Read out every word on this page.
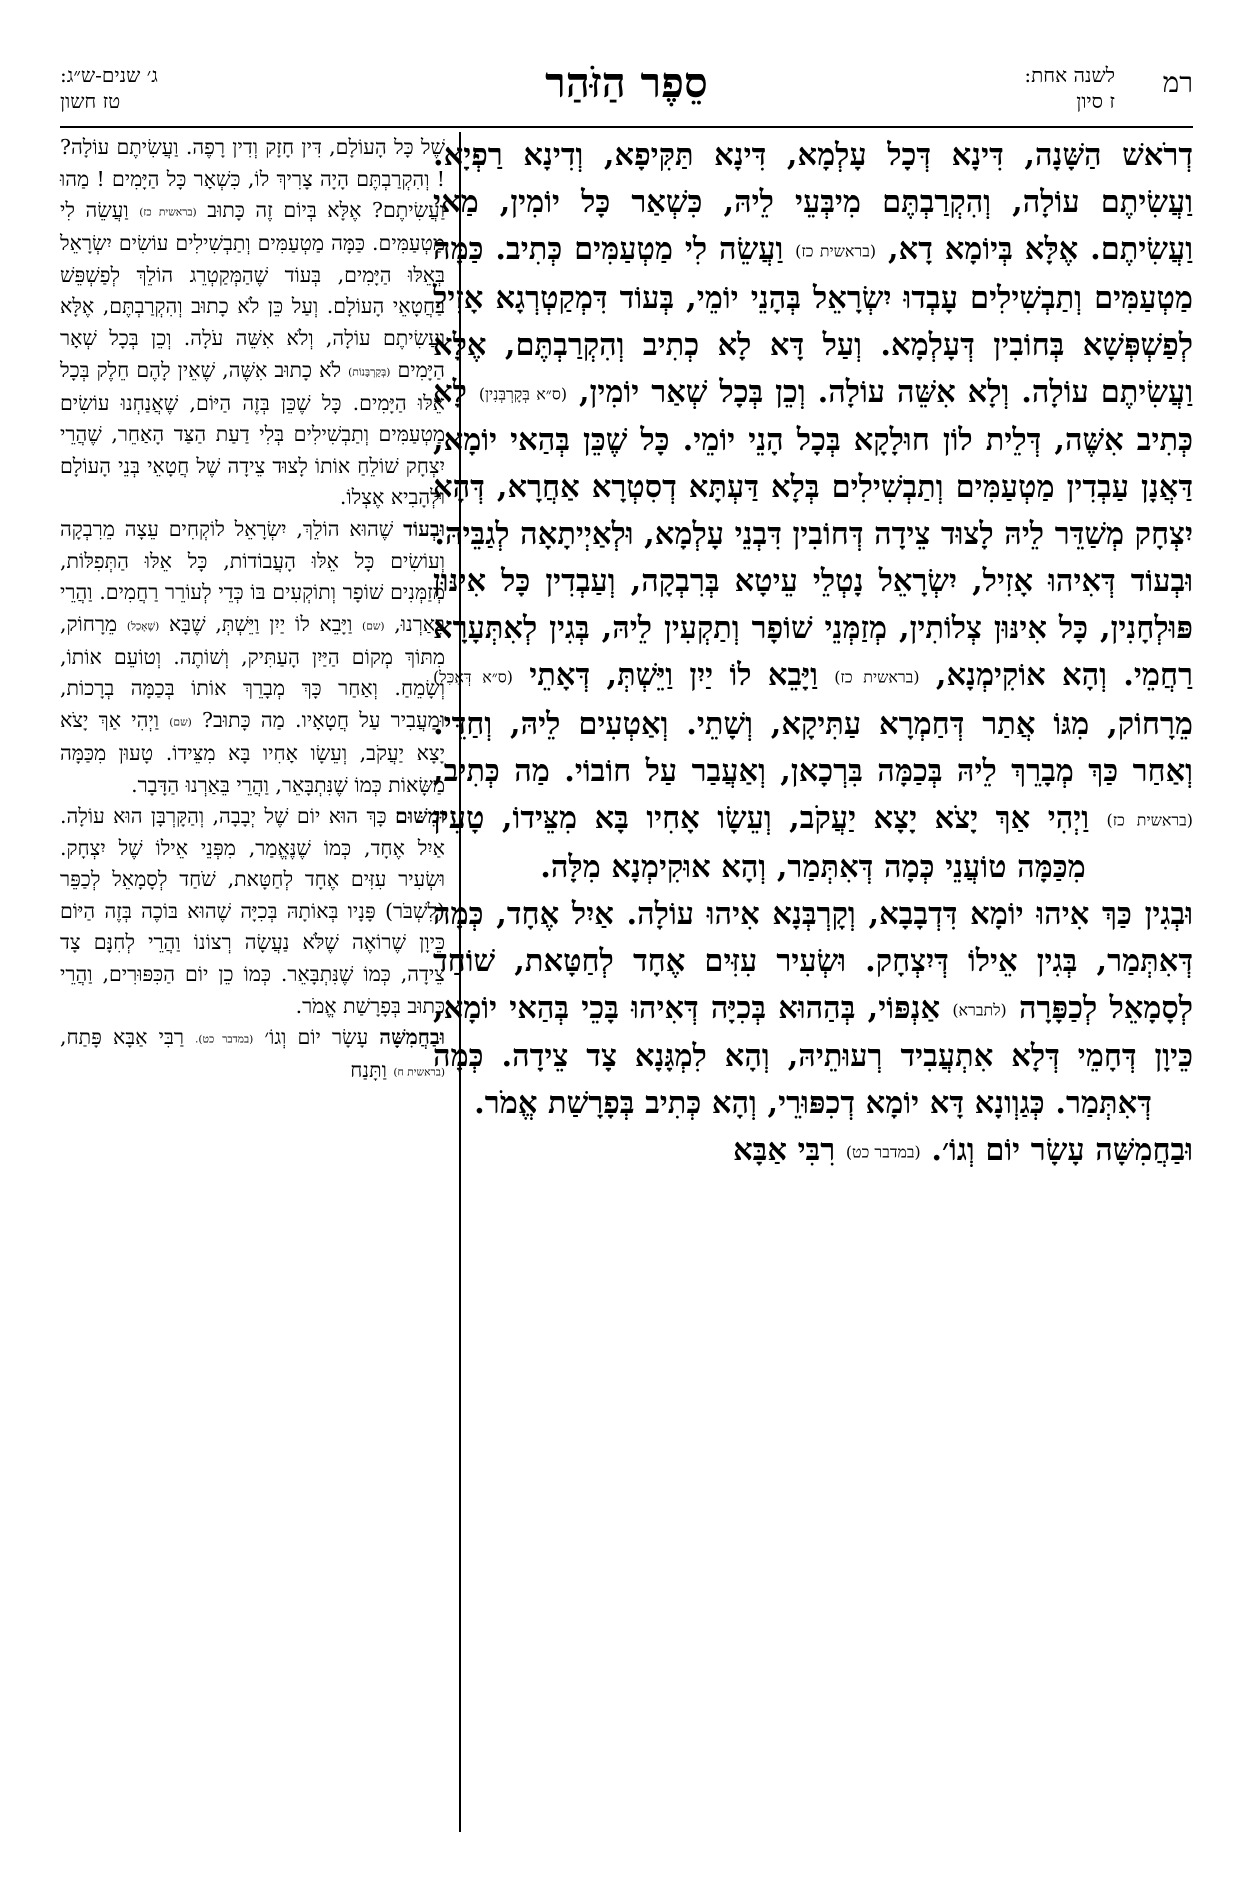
רמ
לשנה אחת:
ז סיון
סֵפֶר הַזֹּהַר
ג׳ שנים-ש״ג:
טז חשון

דְרֹאשׁ הַשָּׁנָה, דִּינָא דְּכָל עָלְמָא, דִּינָא תַּקִּיפָא, וְדִינָא רַפְיָא. וַעֲשִׂיתֶם עוֹלָה, וְהִקְרַבְתֶּם מִיבְּעֵי לֵיהּ, כִּשְׁאַר כָּל יוֹמִין, מַאי וַעֲשִׂיתֶם. אֶלָּא בְּיוֹמָא דָא, (בראשית כז) וַעֲשֵׂה לִי מַטְעַמִּים כְּתִיב. כַּמָּה מַטְעַמִּים וְתַבְשִׁילִים עָבְדוּ יִשְׂרָאֵל בְּהָנֵי יוֹמֵי, בְּעוֹד דִּמְקַטְרְגָא אָזִיל לְפַשְׁפְּשָׁא בְּחוֹבִין דְּעָלְמָא. וְעַל דָּא לָא כְתִיב וְהִקְרַבְתֶּם, אֶלָּא וַעֲשִׂיתֶם עוֹלָה. וְלָא אִשֵּׁה עוֹלָה. וְכֵן בְּכָל שְׁאַר יוֹמִין, (ס״א בְּקָרְבְּנִין) לָא כְּתִיב אִשֶּׁה, דְּלֵית לוֹן חוּלָקָא בְּכָל הָנֵי יוֹמֵי. כָּל שֶׁכֵּן בְּהַאי יוֹמָא, דַּאֲנָן עַבְדִין מַטְעַמִּים וְתַבְשִׁילִים בְּלָא דַּעְתָּא דְסִטְרָא אַחֲרָא, דְּהָא יִצְחָק מְשַׁדֵּר לֵיהּ לָצוּד צֵידָה דְּחוֹבִין דִּבְנֵי עָלְמָא, וּלְאַיְיתָאָה לְגַבֵּיהּ.

וּבְעוֹד דְּאִיהוּ אָזִיל, יִשְׂרָאֵל נָטְלֵי עֵיטָא בְּרִבְקָה, וְעַבְדִין כָּל אִינּוּן פּוּלְחָנִין, כָּל אִינּוּן צְלוֹתִין, מְזַמְּנֵי שׁוֹפָר וְתַקְעִין לֵיהּ, בְּגִין לְאִתְּעָרָא רַחֲמֵי. וְהָא אוֹקִימְנָא, (בראשית כז) וַיָּבֵא לוֹ יַיִן וַיֵּשְׁתְּ, דְּאָתֵי (ס״א דְּאַכִּל) מֵרָחוֹק, מִגּוֹ אֲתַר דְּחַמְרָא עַתִּיקָא, וְשָׁתֵי. וְאַטְעִים לֵיהּ, וְחַדֵּי. וְאַחַר כַּךְ מְבָרֵךְ לֵיהּ בְּכַמָּה בִּרְכָאן, וְאַעֲבַר עַל חוֹבוֹי. מַה כְּתִיב, (בראשית כז) וַיְהִי אַךְ יָצֹא יָצָא יַעֲקֹב, וְעֵשָׂו אָחִיו בָּא מִצֵּידוֹ, טָעִין מִכַּמָּה טוֹעֲנֵי כְּמָה דְּאִתְּמַר, וְהָא אוּקִימְנָא מִלָּה.

וּבְגִין כַּךְ אִיהוּ יוֹמָא דִּדְבָבָא, וְקָרְבְּנָא אִיהוּ עוֹלָה. אַיִל אֶחָד, כְּמָה דְּאִתְּמַר, בְּגִין אֵילוֹ דְּיִצְחָק. וּשְׂעִיר עִזִּים אֶחָד לְחַטָּאת, שׁוֹחַד לְסָמָאֵל לְכַפָּרָה (לתברא) אַנְפּוֹי, בְּהַהוּא בְּכִיָּה דְּאִיהוּ בָּכֵי בְּהַאי יוֹמָא, כֵּיוָן דְּחָמֵי דְּלָא אִתְעֲבִיד רְעוּתֵיהּ, וְהָא לִמְגָּנָא צָד צֵידָה. כְּמָה דְּאִתְּמַר. כְּגַוְונָא דָּא יוֹמָא דְכִפּוּרֵי, וְהָא כְּתִיב בְּפָרָשַׁת אֱמֹר.

וּבַחֲמִשָּׁה עָשָׂר יוֹם וְגוֹ׳. (במדבר כט) רִבִּי אַבָּא

שֶׁל כָּל הָעוֹלָם, דִּין חָזָק וְדִין רָפֶה. וַעֲשִׂיתֶם עוֹלָה? ! וְהִקְרַבְתֶּם הָיָה צָרִיךְ לוֹ, כִּשְׁאָר כָּל הַיָּמִים ! מַהוּ וַעֲשִׂיתֶם? אֶלָּא בְּיוֹם זֶה כָּתוּב (בראשית כז) וַעֲשֵׂה לִי מַטְעַמִּים. כַּמָּה מַטְעַמִּים וְתַבְשִׁילִים עוֹשִׂים יִשְׂרָאֵל בְּאֵלּוּ הַיָּמִים, בְּעוֹד שֶׁהַמְּקַטְרֵג הוֹלֵךְ לְפַשְׁפֵּשׁ בַּחֲטָאֵי הָעוֹלָם. וְעַל כֵּן לֹא כָתוּב וְהִקְרַבְתֶּם, אֶלָּא וַעֲשִׂיתֶם עוֹלָה, וְלֹא אִשֵּׁה עֹלָה. וְכֵן בְּכָל שְׁאָר הַיָּמִים (בְּקָרְבָּנוֹת) לֹא כָתוּב אִשֶּׁה, שֶׁאֵין לָהֶם חֵלֶק בְּכָל אֵלּוּ הַיָּמִים. כָּל שֶׁכֵּן בְּזֶה הַיּוֹם, שֶׁאֲנַחְנוּ עוֹשִׂים מַטְעַמִּים וְתַבְשִׁילִים בְּלִי דַעַת הַצַּד הָאַחֵר, שֶׁהֲרֵי יִצְחָק שׁוֹלֵחַ אוֹתוֹ לָצוּד צֵידָה שֶׁל חֲטָאֵי בְּנֵי הָעוֹלָם וּלְהָבִיא אֶצְלוֹ.

וּבְעוֹד שֶׁהוּא הוֹלֵךְ, יִשְׂרָאֵל לוֹקְחִים עֵצָה מֵרִבְקָה וְעוֹשִׂים כָּל אֵלּוּ הָעֲבוֹדוֹת, כָּל אֵלּוּ הַתְּפִלּוֹת, מְזַמְּנִים שׁוֹפָר וְתוֹקְעִים בּוֹ כְּדֵי לְעוֹרֵר רַחֲמִים. וַהֲרֵי בֵּאַרְנוּ, (שם) וַיָּבֵא לוֹ יַיִן וַיֵּשְׁתְּ, שֶׁבָּא (שֶׁאָכַל) מֵרָחוֹק, מִתּוֹךְ מְקוֹם הַיַּיִן הָעַתִּיק, וְשׁוֹתֶה. וְטוֹעֵם אוֹתוֹ, וְשָׂמֵחַ. וְאַחַר כָּךְ מְבָרֵךְ אוֹתוֹ בְּכַמָּה בְרָכוֹת, וּמַעֲבִיר עַל חֲטָאָיו. מַה כָּתוּב? (שם) וַיְהִי אַךְ יָצֹא יָצָא יַעֲקֹב, וְעֵשָׂו אָחִיו בָּא מִצֵּידוֹ. טָעוּן מִכַּמָּה מַשָּׂאוֹת כְּמוֹ שֶׁנִּתְבָּאֵר, וַהֲרֵי בֵּאַרְנוּ הַדָּבָר.

וּמִשּׁוּם כָּךְ הוּא יוֹם שֶׁל יְבָבָה, וְהַקָּרְבָּן הוּא עוֹלָה. אַיִל אֶחָד, כְּמוֹ שֶׁנֶּאֱמַר, מִפְּנֵי אֵילוֹ שֶׁל יִצְחָק. וּשְׂעִיר עִזִּים אֶחָד לְחַטָּאת, שֹׁחַד לְסָמָאֵל לְכַפֵּר (לִשְׁבֹּר) פָּנָיו בְּאוֹתָהּ בְּכִיָּה שֶׁהוּא בּוֹכֶה בְּזֶה הַיּוֹם כֵּיוָן שֶׁרוֹאֶה שֶׁלֹּא נַעֲשָׂה רְצוֹנוֹ וַהֲרֵי לְחִנָּם צָד צֵידָה, כְּמוֹ שֶׁנִּתְבָּאֵר. כְּמוֹ כֵן יוֹם הַכִּפּוּרִים, וַהֲרֵי כָּתוּב בְּפָרָשַׁת אֱמֹר.

וּבַחֲמִשָּׁה עָשָׂר יוֹם וְגוֹ׳ (במדבר כט). רַבִּי אַבָּא פָּתַח, (בראשית ח) וַתָּנַח
